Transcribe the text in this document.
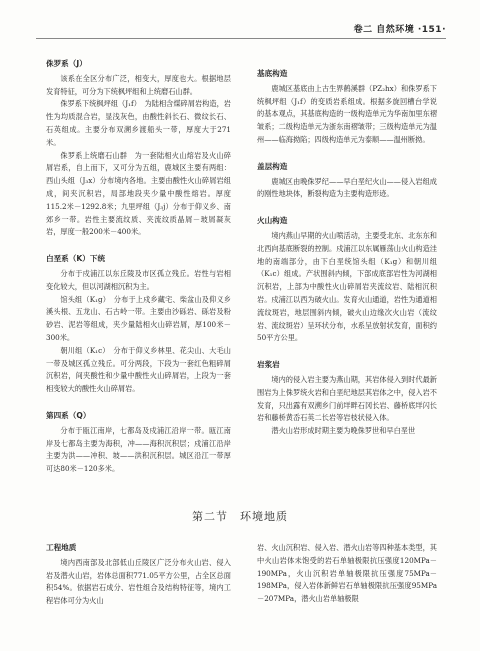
卷二 自然环境 ·151·
侏罗系（J）

该系在全区分布广泛，相变大，厚度也大。根据地层发育特征，可分为下统枫坪组和上统磨石山群。

侏罗系下统枫坪组（J₁f）　为陆相含煤碎屑岩构造，岩性为均质混合岩，显浅灰色，由酸性斜长石、微纹长石、石英组成。主要分布双溯乡渡船头一带，厚度大于271米。

侏罗系上统磨石山群　为一套陆相火山熔岩及火山碎屑岩系，自上而下，又可分为五组，鹿城区主要有两组：西山头组（J₃x）分布境内各地。主要由酸性火山碎屑岩组成，间夹沉积岩，局部地段夹少量中酸性熔岩。厚度115.2米－1292.8米；九里坪组（J₃j）分布于仰义乡、南郊乡一带。岩性主要流纹质、夹流纹质晶屑－玻屑凝灰岩，厚度一般200米－400米。

白垩系（K）下统

分布于戍浦江以东丘陵及市区孤立残丘。岩性与岩相变化较大，但以河湖相沉积为主。

馆头组（K₁g）　分布于上戍乡藏宅、柴盆山及仰义乡溪头根、五龙山、石古岭一带。主要由沙砾岩、砾岩及粉砂岩、泥岩等组成，夹少量陆相火山碎岩屑，厚100米－300米。

朝川组（K₁c）　分布于仰义乡林里、花尖山、大毛山一带及城区孤立残丘。可分两段，下段为一套红色粗碎屑沉积岩，间夹酸性和少量中酸性火山碎屑岩，上段为一套相变较大的酸性火山碎屑岩。

第四系（Q）

分布于瓯江南岸，七都岛及戍浦江沿岸一带。瓯江南岸及七都岛主要为海积，冲——海积沉积层；戍浦江沿岸主要为洪——冲积、坡——洪积沉积层。城区沿江一带厚可达80米－120多米。

基底构造

鹿城区基底由上古生界鹤溪群（PZ₂hx）和侏罗系下统枫坪组（J₁f）的变质岩系组成。根据多旋回槽台学说的基本观点，其基底构造的一级构造单元为华南加里东褶皱系；二级构造单元为浙东南褶皱带；三级构造单元为温州——临海拗陷；四级构造单元为泰顺——温州断拗。

盖层构造

鹿城区由晚侏罗纪——早白垩纪火山——侵入岩组成的刚性地块体，断裂构造为主要构造形迹。

火山构造

境内燕山早期的火山喷活动，主要受北东、北东东和北西向基底断裂的控制。戍浦江以东属雁荡山火山构造洼地的南端部分，由下白垩统馆头组（K₁g）和朝川组（K₁c）组成。产状围斜内倾，下部成底部岩性为河湖相沉积岩，上部为中酸性火山碎屑岩夹流纹岩、陆相沉积岩。戍浦江以西为破火山。发育火山通道，岩性为通道相流纹斑岩，地层围斜内倾，破火山边缘次火山岩（流纹岩、流纹斑岩）呈环状分布，水系呈放射状发育，面积约50平方公里。

岩浆岩

境内的侵入岩主要为燕山期，其岩体侵入到时代最新围岩为上侏罗统火岩和白垩纪地层其岩体之中，侵入岩不发育，只出露有双溯乡门前垟畔石冈长岩、藤桥底垟闪长岩和藤桥黄岙石英二长岩等岩枝状侵入体。

潜火山岩形成时期主要为晚侏罗世和早白垩世

第二节　环境地质
工程地质

境内西南部及北部低山丘陵区广泛分布火山岩、侵入岩及潜火山岩，岩体总面积771.05平方公里，占全区总面积54%。依据岩石成分、岩性组合及结构特征等，境内工程岩体可分为火山

岩、火山沉积岩、侵入岩、潜火山岩等四种基本类型，其中火山岩体未饱受的岩石单轴极限抗压强度120MPa－190MPa，火山沉积岩单轴极限抗压强度75MPa－198MPa，侵入岩体新鲜岩石单轴极限抗压强度95MPa－207MPa，潜火山岩单轴极限
